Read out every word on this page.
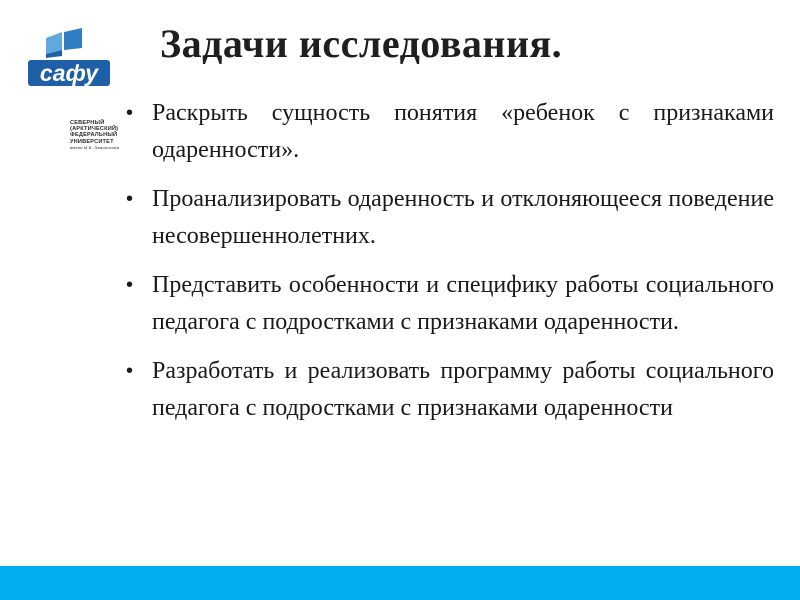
сафу
СЕВЕРНЫЙ
(АРКТИЧЕСКИЙ)
ФЕДЕРАЛЬНЫЙ
УНИВЕРСИТЕТ
имени М.В. Ломоносова
Задачи исследования.
• Раскрыть сущность понятия «ребенок с признаками одаренности».
• Проанализировать одаренность и отклоняющееся поведение несовершеннолетних.
• Представить особенности и специфику работы социального педагога с подростками с признаками одаренности.
• Разработать и реализовать программу работы социального педагога с подростками с признаками одаренности
